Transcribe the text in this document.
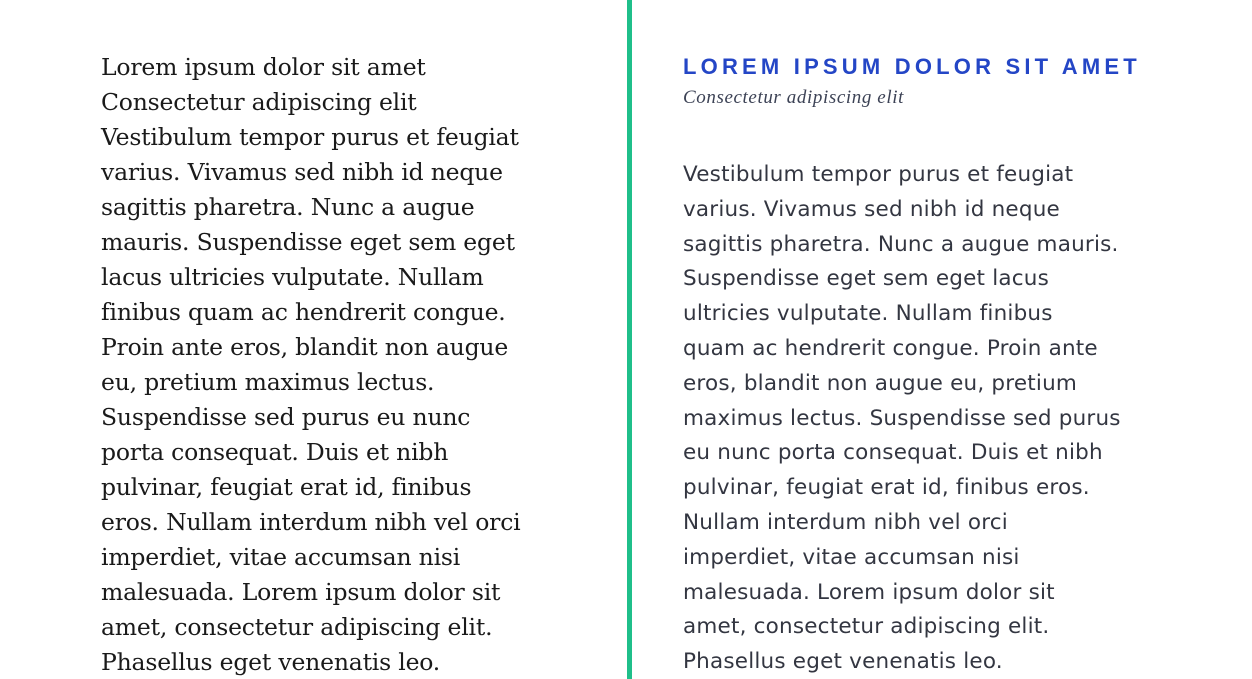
Lorem ipsum dolor sit amet
Consectetur adipiscing elit
Vestibulum tempor purus et feugiat
varius. Vivamus sed nibh id neque
sagittis pharetra. Nunc a augue
mauris. Suspendisse eget sem eget
lacus ultricies vulputate. Nullam
finibus quam ac hendrerit congue.
Proin ante eros, blandit non augue
eu, pretium maximus lectus.
Suspendisse sed purus eu nunc
porta consequat. Duis et nibh
pulvinar, feugiat erat id, finibus
eros. Nullam interdum nibh vel orci
imperdiet, vitae accumsan nisi
malesuada. Lorem ipsum dolor sit
amet, consectetur adipiscing elit.
Phasellus eget venenatis leo.
LOREM IPSUM DOLOR SIT AMET
Consectetur adipiscing elit
Vestibulum tempor purus et feugiat
varius. Vivamus sed nibh id neque
sagittis pharetra. Nunc a augue mauris.
Suspendisse eget sem eget lacus
ultricies vulputate. Nullam finibus
quam ac hendrerit congue. Proin ante
eros, blandit non augue eu, pretium
maximus lectus. Suspendisse sed purus
eu nunc porta consequat. Duis et nibh
pulvinar, feugiat erat id, finibus eros.
Nullam interdum nibh vel orci
imperdiet, vitae accumsan nisi
malesuada. Lorem ipsum dolor sit
amet, consectetur adipiscing elit.
Phasellus eget venenatis leo.
